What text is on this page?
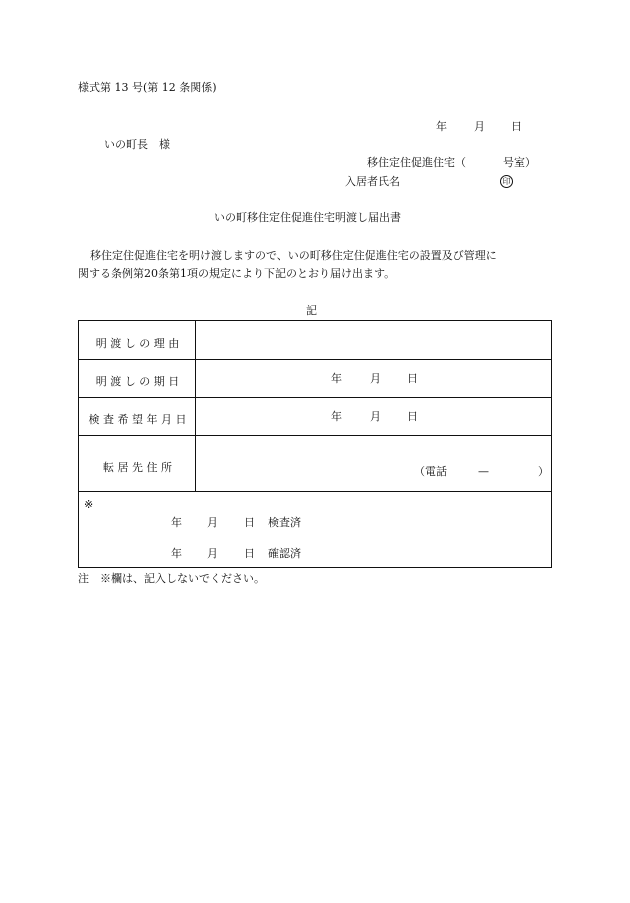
様式第 13 号(第 12 条関係)
年 月 日
いの町長　様
移住定住促進住宅（	号室）
入居者氏名	印
いの町移住定住促進住宅明渡し届出書
移住定住促進住宅を明け渡しますので、いの町移住定住促進住宅の設置及び管理に
関する条例第20条第1項の規定により下記のとおり届け出ます。
記
明 渡 し の 理 由
明 渡 し の 期 日	年	月 日
検 査 希 望 年 月 日	年	月 日
転 居 先 住 所	（電話	—	）
※
年 月 日 検査済
年 月 日 確認済
注　※欄は、記入しないでください。
